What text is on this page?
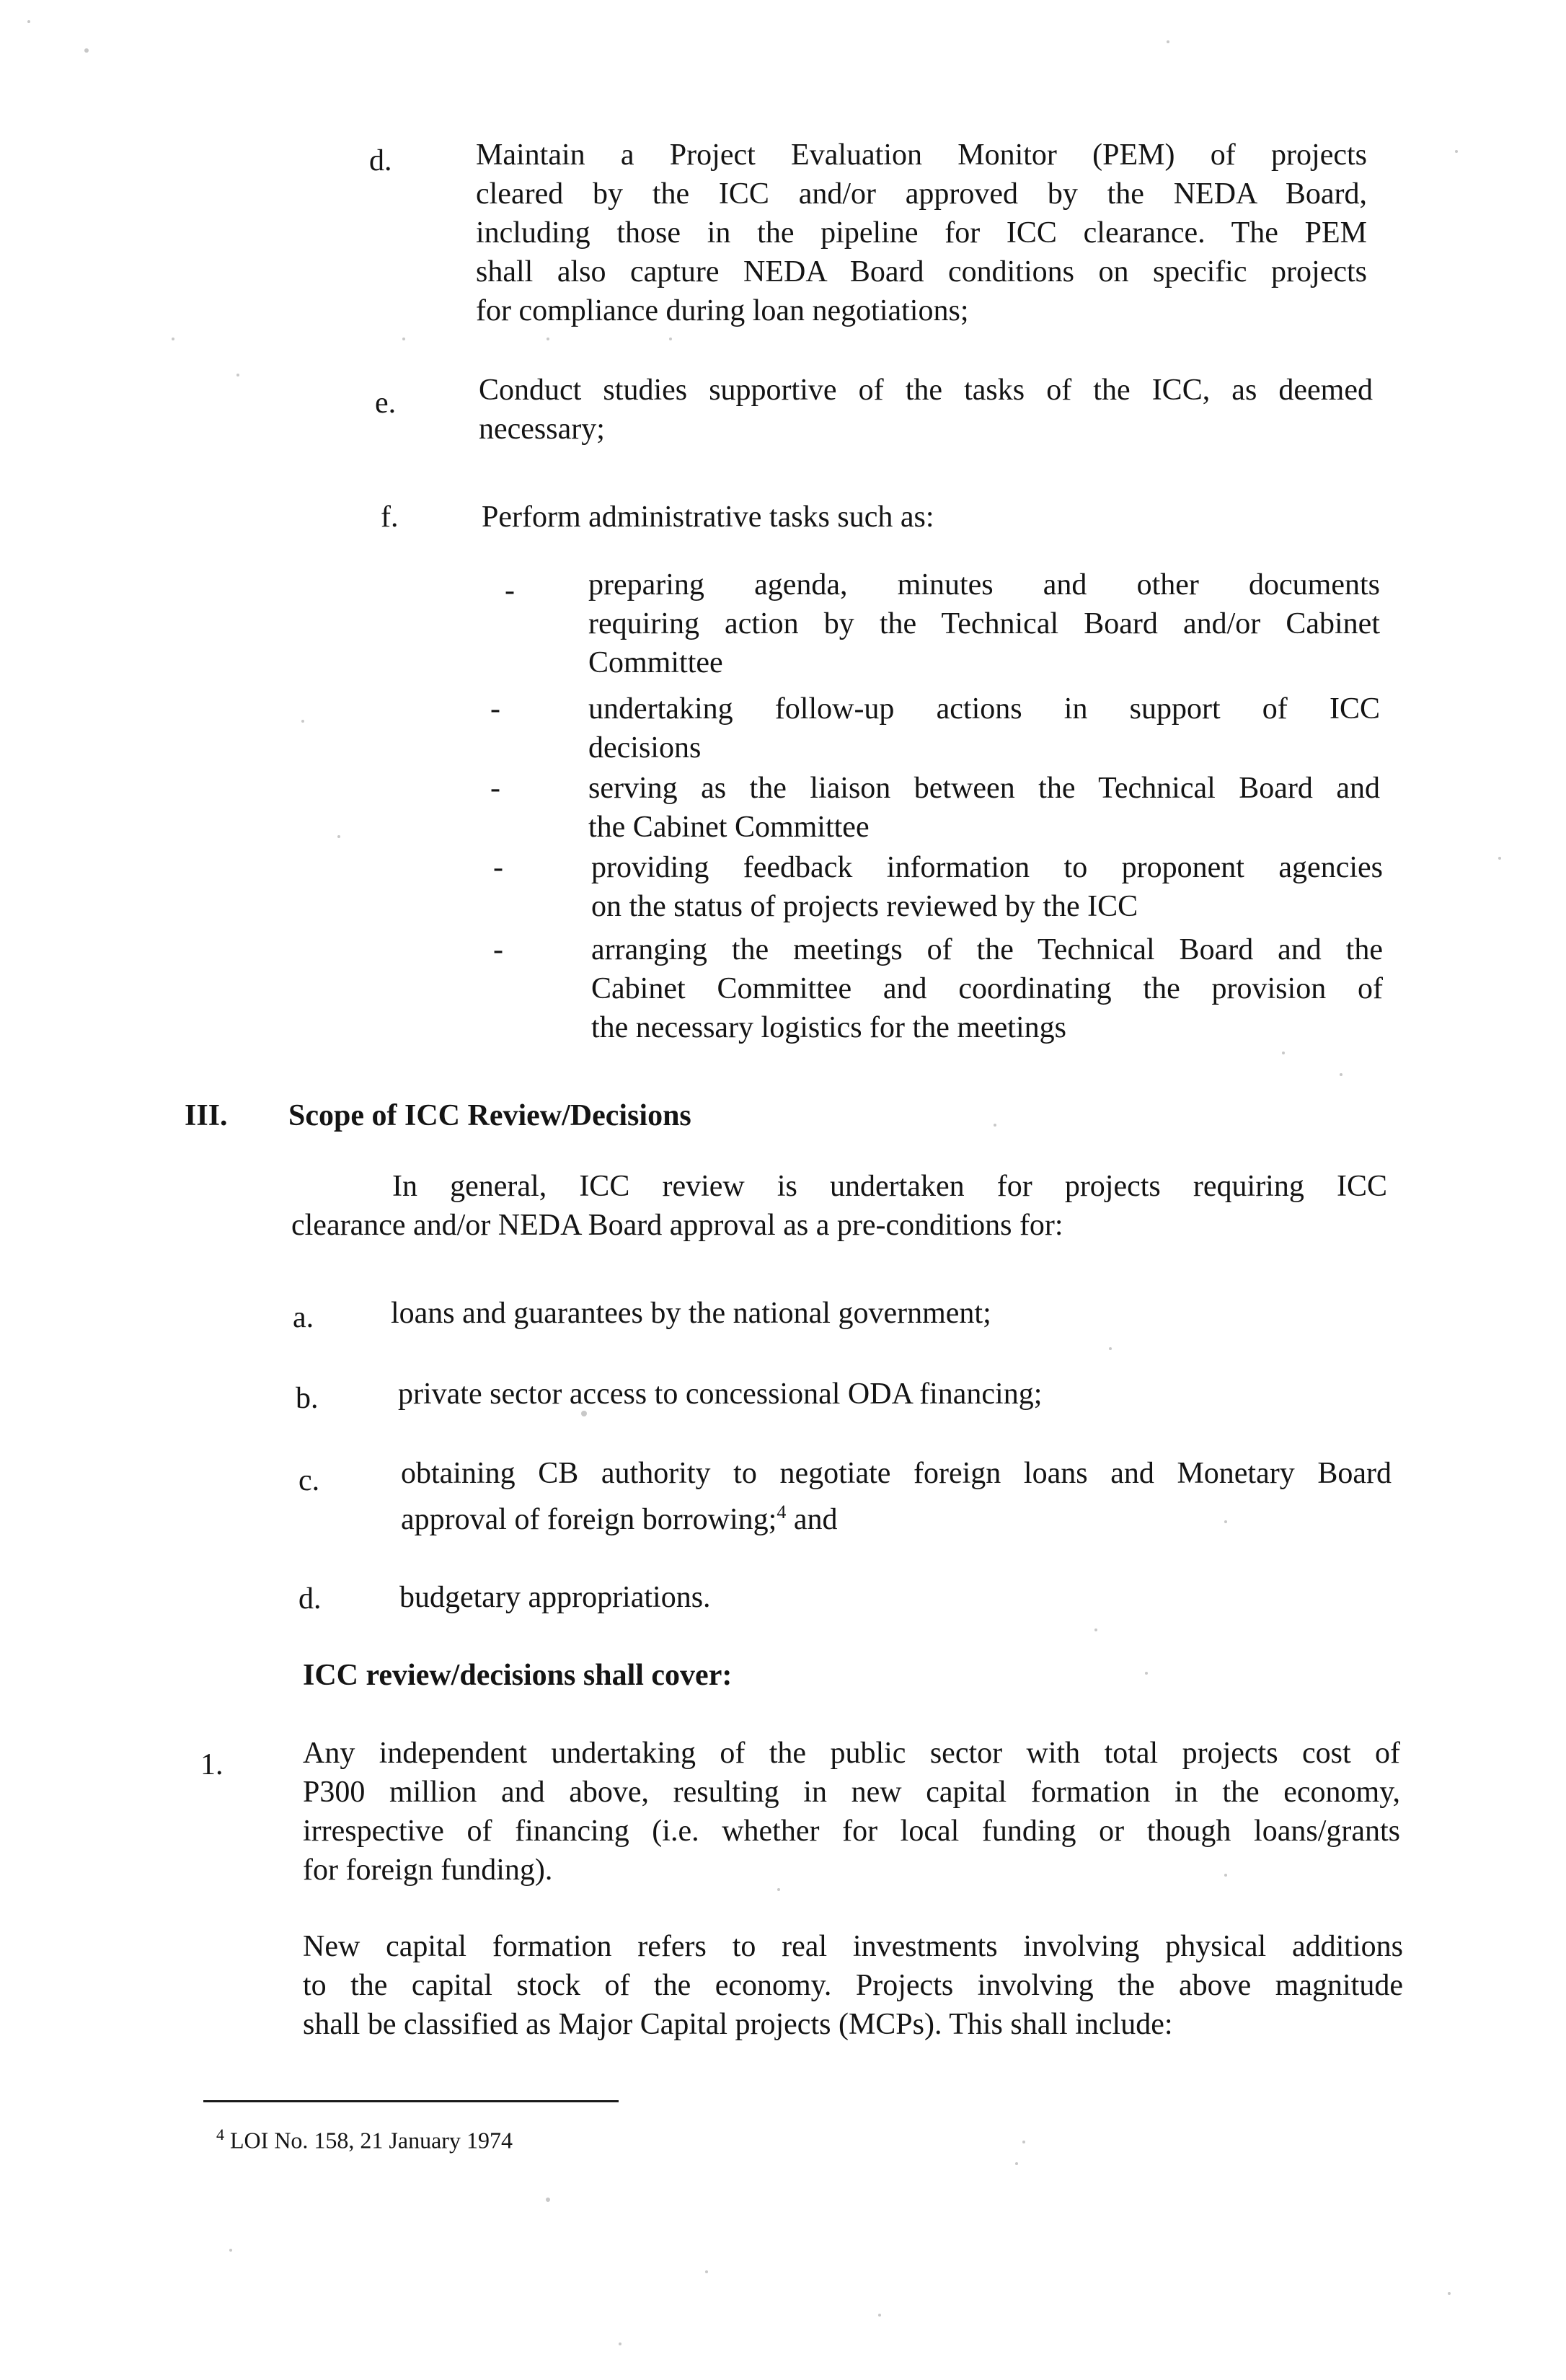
d.	Maintain a Project Evaluation Monitor (PEM) of projects
cleared by the ICC and/or approved by the NEDA Board,
including those in the pipeline for ICC clearance. The PEM
shall also capture NEDA Board conditions on specific projects
for compliance during loan negotiations;
e.	Conduct studies supportive of the tasks of the ICC, as deemed
necessary;
f.	Perform administrative tasks such as:
- preparing agenda, minutes and other documents
requiring action by the Technical Board and/or Cabinet
Committee
-	undertaking follow-up actions in support of ICC
decisions
-	serving as the liaison between the Technical Board and
the Cabinet Committee
-	providing feedback information to proponent agencies
on the status of projects reviewed by the ICC
-	arranging the meetings of the Technical Board and the
Cabinet Committee and coordinating the provision of
the necessary logistics for the meetings
III. Scope of ICC Review/Decisions
In general, ICC review is undertaken for projects requiring ICC
clearance and/or NEDA Board approval as a pre-conditions for:
a.	loans and guarantees by the national government;
b.	private sector access to concessional ODA financing;
c.	obtaining CB authority to negotiate foreign loans and Monetary Board
approval of foreign borrowing;$^4$ and
d.	budgetary appropriations.
ICC review/decisions shall cover:
1.	Any independent undertaking of the public sector with total projects cost of
P300 million and above, resulting in new capital formation in the economy,
irrespective of financing (i.e. whether for local funding or though loans/grants
for foreign funding).
New capital formation refers to real investments involving physical additions
to the capital stock of the economy. Projects involving the above magnitude
shall be classified as Major Capital projects (MCPs). This shall include:
$^4$ LOI No. 158, 21 January 1974
